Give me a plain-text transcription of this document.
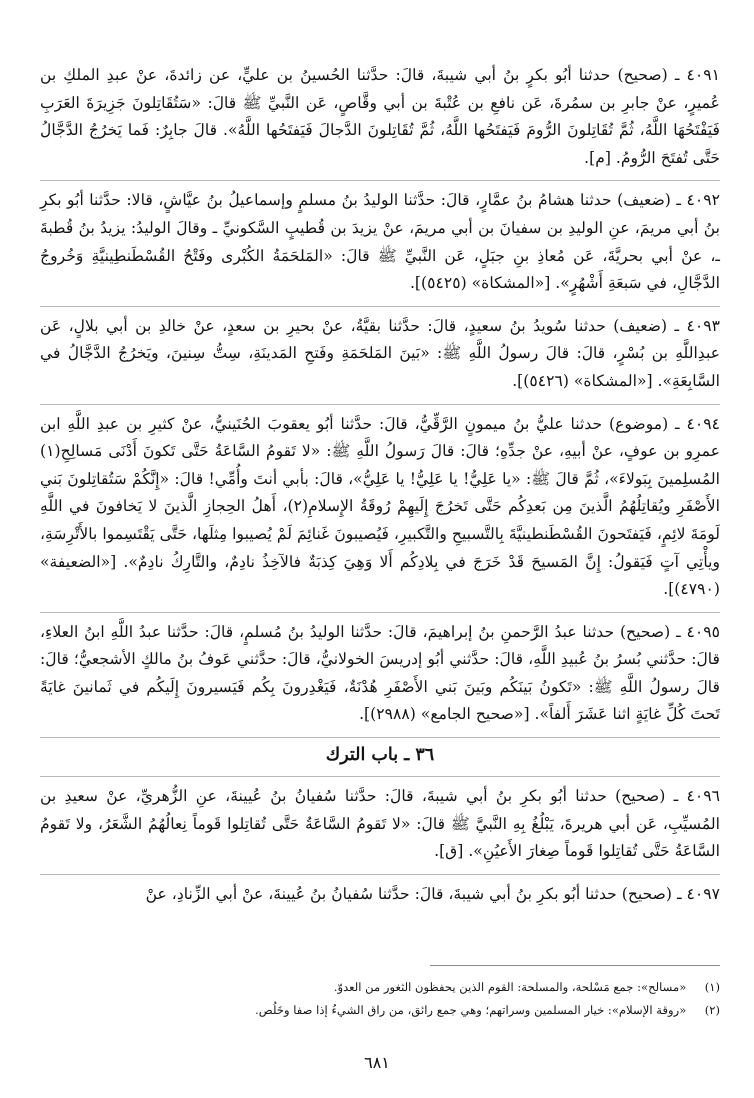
٤٠٩١ ـ (صحيح) حدثنا أبُو بكرٍ بنُ أبي شيبةَ، قالَ: حدَّثنا الحُسينُ بن عليٍّ، عن زائدةَ، عنْ عبدِ الملكِ بن عُميرٍ، عنْ جابرِ بن سمُرةَ، عَن نافعِ بن عُتْبةَ بن أبي وقَّاصٍ، عَن النَّبيِّ ﷺ قالَ: «سَتُقَاتِلونَ جَزِيرَةَ العَرَبِ فَيَفْتَحُهَا اللَّهُ، ثُمَّ تُقَاتِلونَ الرُّومَ فَيَفتَحُها اللَّهُ، ثُمَّ تُقَاتِلونَ الدَّجالَ فَيَفتَحُها اللَّهُ». قالَ جابِرٌ: فَما يَخرُجُ الدَّجَّالُ حَتَّى تُفتَحَ الرُّومُ. [م].

٤٠٩٢ ـ (ضعيف) حدثنا هشامُ بنُ عمَّارٍ، قالَ: حدَّثنا الوليدُ بنُ مسلمٍ وإسماعيلُ بنُ عيَّاشٍ، قالا: حدَّثنا أبُو بكرِ بنُ أبي مريمَ، عنِ الوليدِ بن سفيانَ بن أبي مريمَ، عنْ يزيدَ بن قُطيبٍ السَّكونيِّ ـ وقالَ الوليدُ: يزيدُ بنُ قُطبةَ ـ، عنْ أبي بحريَّةَ، عَن مُعاذِ بنِ جبَلٍ، عَن النَّبيِّ ﷺ قالَ: «المَلحَمَةُ الكُبْرى وفَتْحُ القُسْطَنطِينيَّةِ وَخُروجُ الدَّجَّالِ، في سَبعَةِ أَشْهُرٍ». [«المشكاة» (٥٤٢٥)].

٤٠٩٣ ـ (ضعيف) حدثنا سُويدُ بنُ سعيدٍ، قالَ: حدَّثنا بقيَّةُ، عنْ بحيرِ بن سعدٍ، عنْ خالدِ بن أبي بلالٍ، عَن عبدِاللَّهِ بن بُسْرٍ، قالَ: قالَ رسولُ اللَّهِ ﷺ: «بَينَ المَلحَمَةِ وفَتحِ المَدينَةِ، سِتُّ سِنينَ، ويَخرُجُ الدَّجَّالُ في السَّابِعَةِ». [«المشكاة» (٥٤٢٦)].

٤٠٩٤ ـ (موضوع) حدثنا عليُّ بنُ ميمونٍ الرَّقِّيُّ، قالَ: حدَّثنا أبُو يعقوبَ الحُنَينيُّ، عنْ كثيرِ بن عبدِ اللَّهِ ابن عمرِو بن عوفٍ، عنْ أبيهِ، عنْ جدِّهِ؛ قالَ: قالَ رَسولُ اللَّهِ ﷺ: «لا تَقومُ السَّاعَةُ حَتَّى تَكونَ أَدْنَى مَسالِحِ(١) المُسلِمينَ بِبَولاءَ»، ثُمَّ قالَ ﷺ: «يا عَلِيُّ! يا عَلِيُّ! يا عَلِيُّ»، قالَ: بأبي أنتَ وأُمِّي! قالَ: «إِنَّكُمْ سَتُقاتِلونَ بَني الأَصْفَرِ ويُقاتِلُهُمُ الَّذينَ مِن بَعدِكُم حَتَّى تَخرُجَ إِلَيهِمْ رُوقَةُ الإِسلامِ(٢)، أَهلُ الحِجازِ الَّذينَ لا يَخافونَ في اللَّهِ لَومَةَ لائِمٍ، فَيَفتَحونَ القُسْطَنطينيَّةَ بِالتَّسبيحِ والتَّكبيرِ، فَيُصيبونَ غَنائِمَ لَمْ يُصيبوا مِثلَها، حَتَّى يَقْتَسِموا بالأَتْرِسَةِ، ويأْتِي آتٍ فَيَقولُ: إِنَّ المَسيحَ قَدْ خَرَجَ في بِلادِكُم أَلا وَهِيَ كِذبَةٌ فالآخِذُ نادِمٌ، والتَّارِكُ نادِمٌ». [«الضعيفة» (٤٧٩٠)].

٤٠٩٥ ـ (صحيح) حدثنا عبدُ الرَّحمنِ بنُ إبراهيمَ، قالَ: حدَّثنا الوليدُ بنُ مُسلمٍ، قالَ: حدَّثنا عبدُ اللَّهِ ابنُ العلاءِ، قالَ: حدَّثني بُسرُ بنُ عُبيدِ اللَّهِ، قالَ: حدَّثني أبُو إدريسَ الخولانيُّ، قالَ: حدَّثني عَوفُ بنُ مالكٍ الأشجعيُّ؛ قالَ: قالَ رسولُ اللَّهِ ﷺ: «تَكونُ بَينَكُم وبَينَ بَني الأَصْفَرِ هُدْنَةٌ، فَيَغْدِرونَ بِكُم فَيَسيرونَ إِلَيكُم في ثَمانينَ غايَةً تَحتَ كُلِّ غايَةٍ اثنا عَشَرَ أَلفاً». [«صحيح الجامع» (٢٩٨٨)].

٣٦ ـ باب الترك

٤٠٩٦ ـ (صحيح) حدثنا أبُو بكرِ بنُ أبي شيبةَ، قالَ: حدَّثنا سُفيانُ بنُ عُيينةَ، عنِ الزُّهريِّ، عنْ سعيدِ بن المُسيِّبِ، عَن أبي هريرةَ، يَبْلُغُ بِهِ النَّبيَّ ﷺ قالَ: «لا تَقومُ السَّاعَةُ حَتَّى تُقاتِلوا قَوماً نِعالُهُمُ الشَّعَرُ، ولا تَقومُ السَّاعَةُ حَتَّى تُقاتِلوا قَوماً صِغارَ الأَعيُنِ». [ق].

٤٠٩٧ ـ (صحيح) حدثنا أبُو بكرِ بنُ أبي شيبةَ، قالَ: حدَّثنا سُفيانُ بنُ عُيينةَ، عنْ أبي الزِّنادِ، عنْ

(١) «مسالح»: جمع مَسْلحة، والمسلحة: القوم الذين يحفظون الثغور من العدوّ.

(٢) «روقة الإسلام»: خيار المسلمين وسراتهم؛ وهي جمع رائق، من راق الشيءُ إذا صفا وخَلُص.

٦٨١
